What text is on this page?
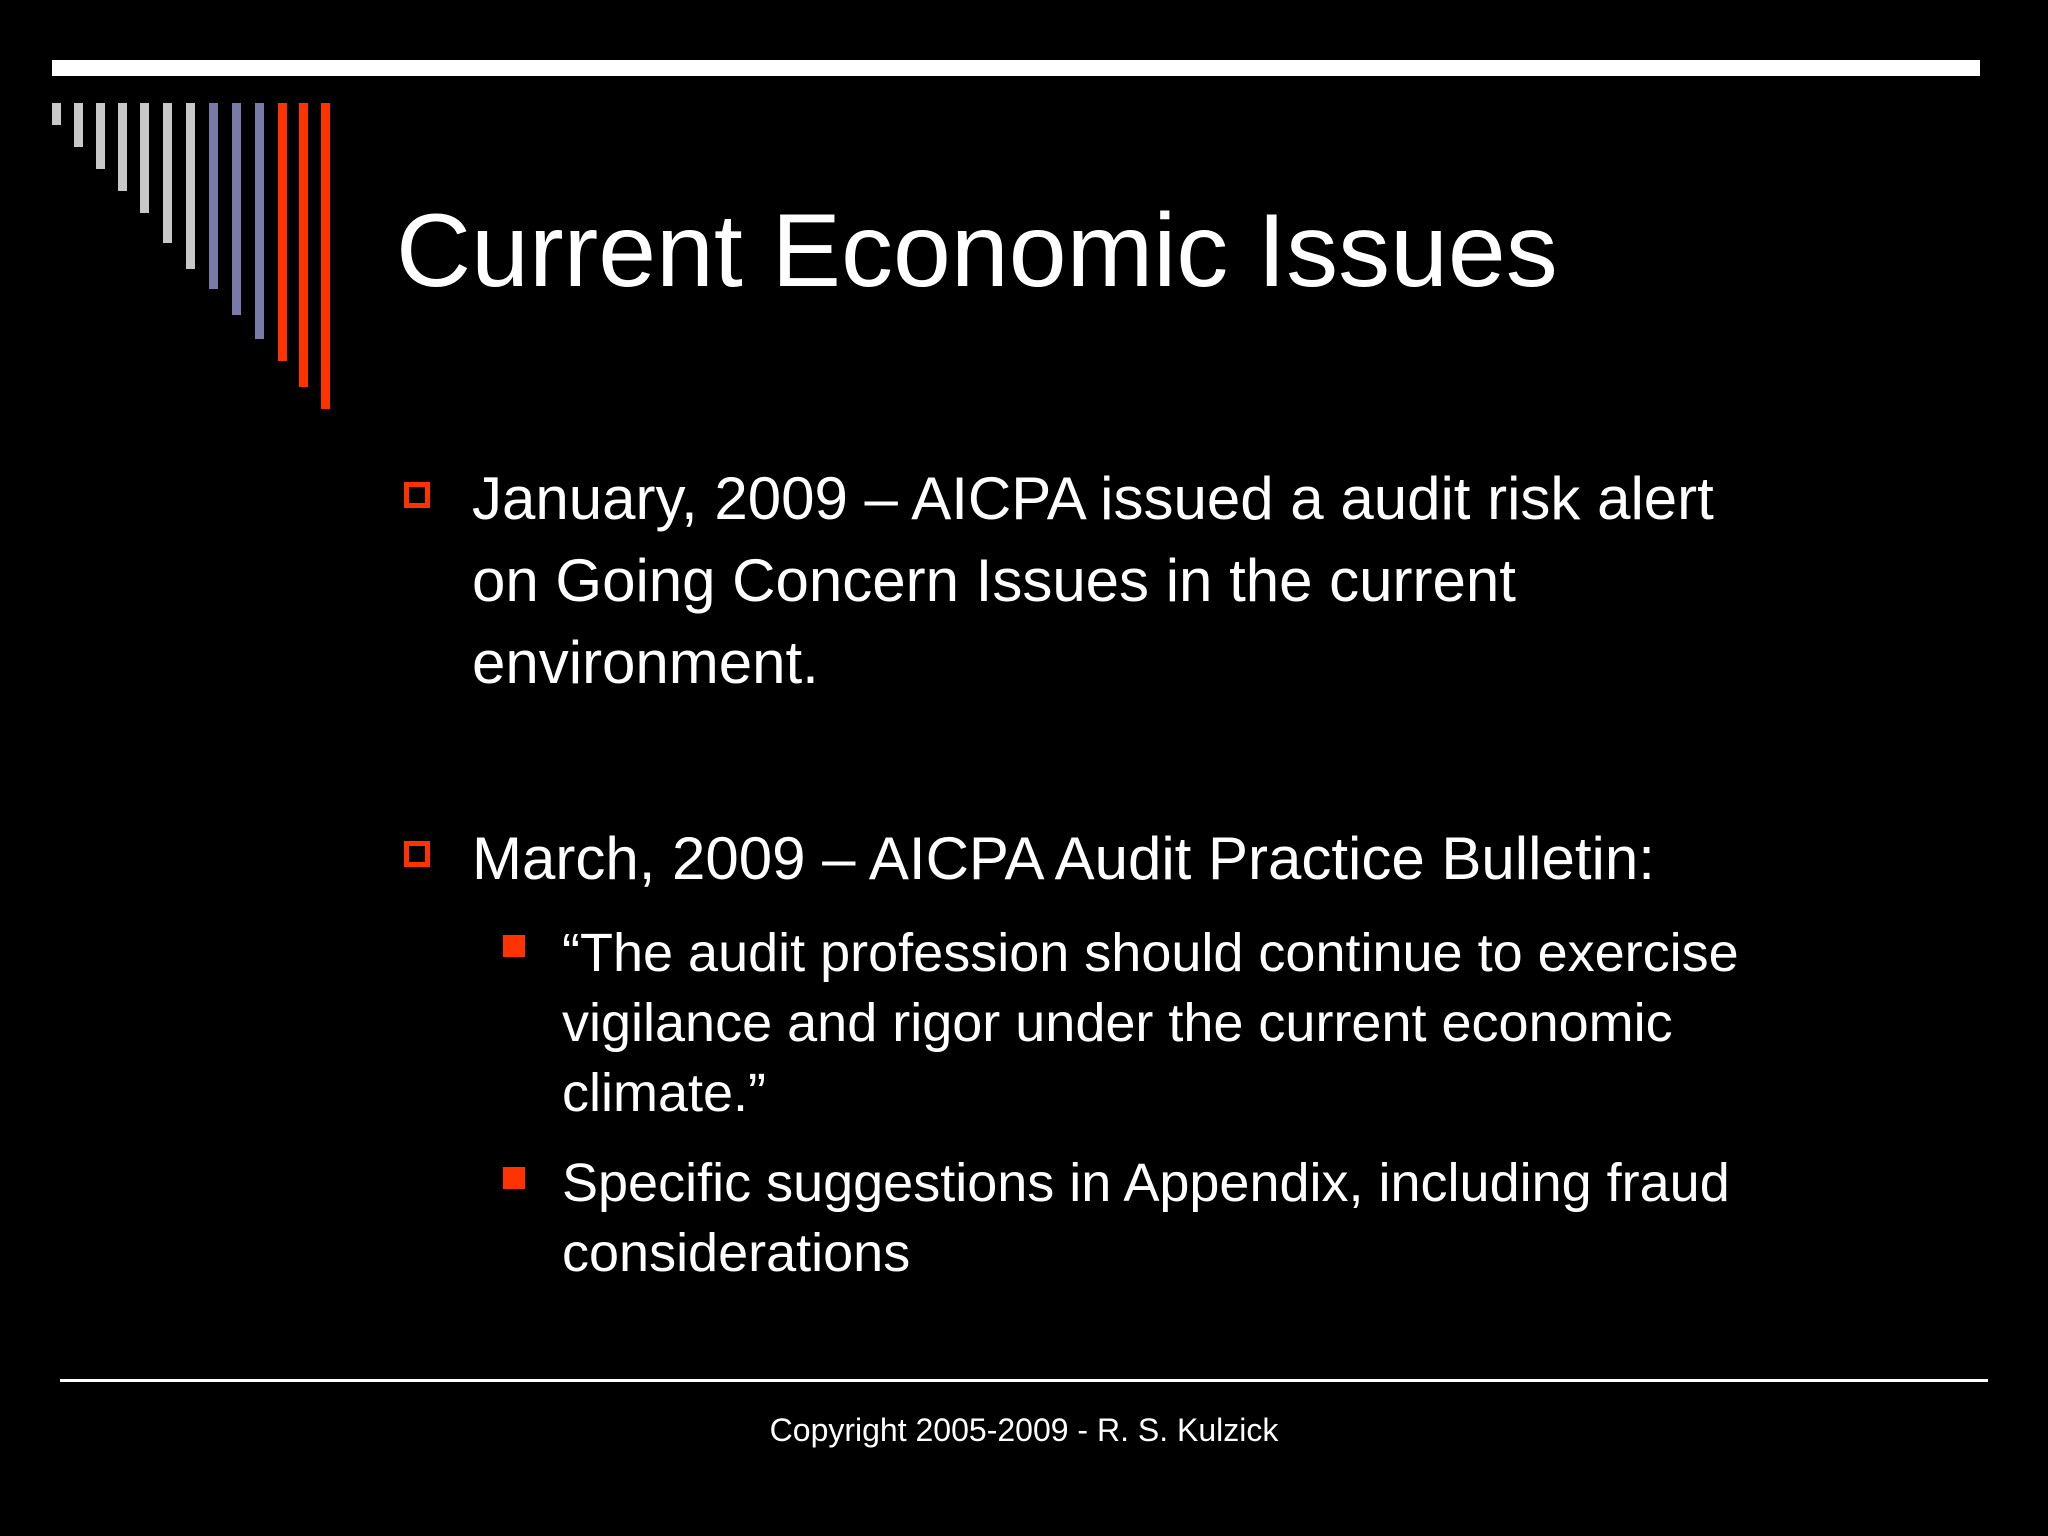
Current Economic Issues
January, 2009 – AICPA issued a audit risk alert
on Going Concern Issues in the current
environment.
March, 2009 – AICPA Audit Practice Bulletin:
“The audit profession should continue to exercise
vigilance and rigor under the current economic
climate.”
Specific suggestions in Appendix, including fraud
considerations
Copyright 2005-2009 - R. S. Kulzick
